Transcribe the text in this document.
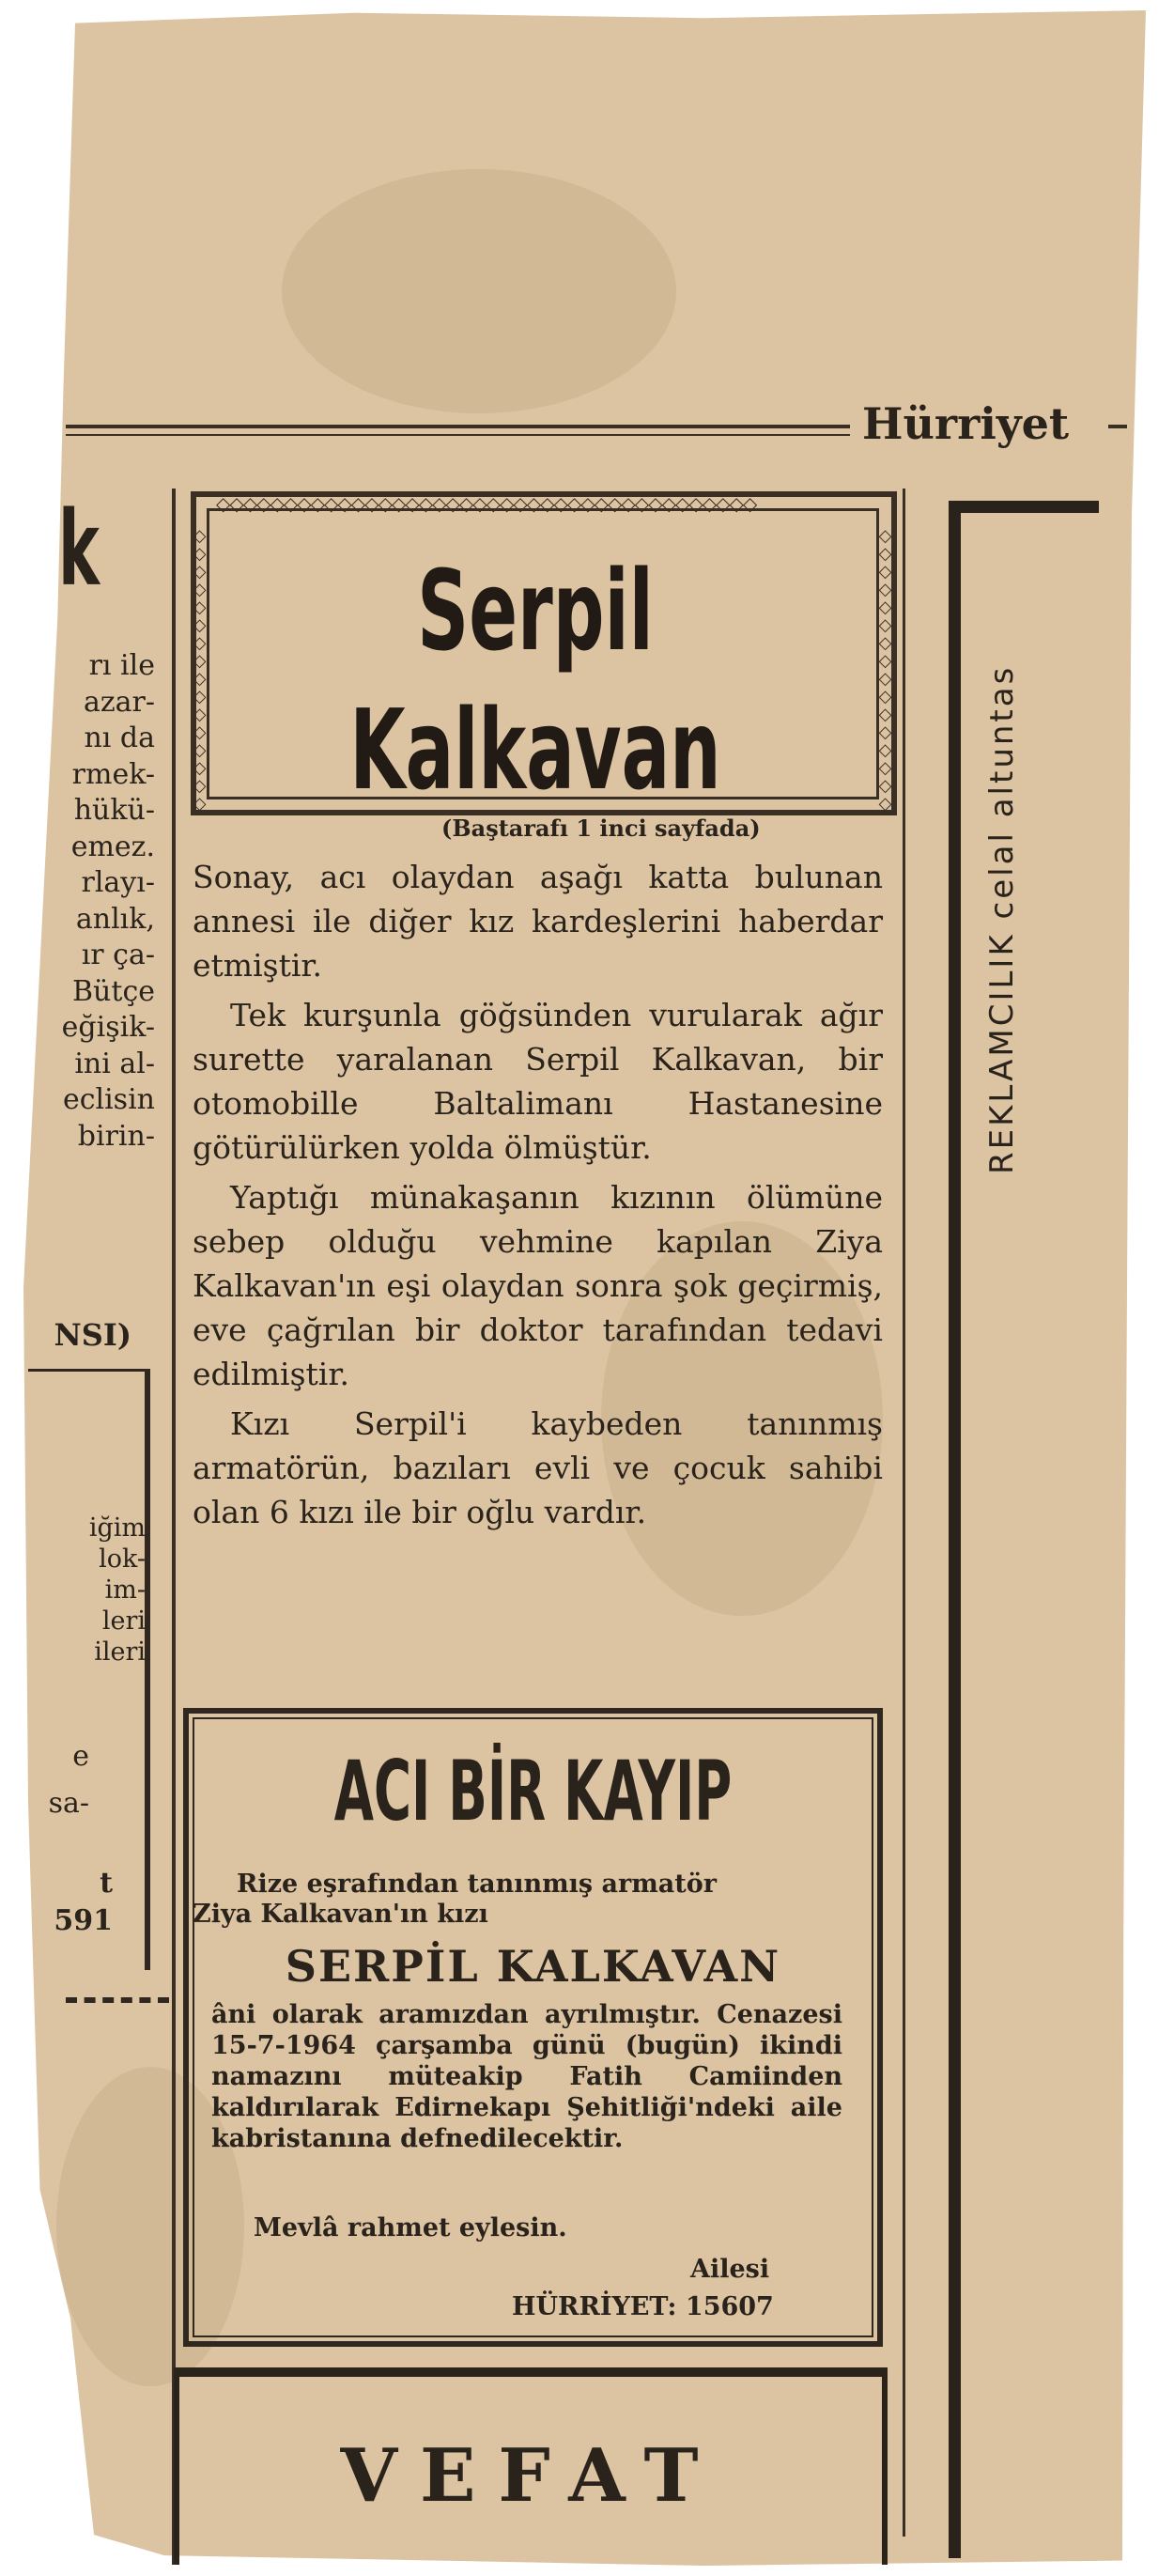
Hürriyet
k
rı ile
azar-
nı da
rmek-
hükü-
emez.
rlayı-
anlık,
ır ça-
Bütçe
eğişik-
ini al-
eclisin
birin-
NSI)
iğim
lok-
im-
leri
ileri
e
sa-
t
591
◇◇◇◇◇◇◇◇◇◇◇◇◇◇◇◇◇◇◇◇◇◇◇◇◇◇◇◇◇◇◇◇◇◇◇◇◇◇◇◇
◇◇◇◇◇◇◇◇◇◇◇◇◇◇◇◇	◇◇◇◇◇◇◇◇◇◇◇◇◇◇◇◇
Serpil
Kalkavan
(Baştarafı 1 inci sayfada)

Sonay, acı olaydan aşağı katta bulunan annesi ile diğer kız kardeşlerini haberdar etmiştir.

Tek kurşunla göğsünden vurularak ağır surette yaralanan Serpil Kalkavan, bir otomobille Baltalimanı Hastanesine götürülürken yolda ölmüştür.

Yaptığı münakaşanın kızının ölümüne sebep olduğu vehmine kapılan Ziya Kalkavan'ın eşi olaydan sonra şok geçirmiş, eve çağrılan bir doktor tarafından tedavi edilmiştir.

Kızı Serpil'i kaybeden tanınmış armatörün, bazıları evli ve çocuk sahibi olan 6 kızı ile bir oğlu vardır.

ACI BİR KAYIP
Rize eşrafından tanınmış armatör
Ziya Kalkavan'ın kızı
SERPİL KALKAVAN
âni olarak aramızdan ayrılmıştır. Cenazesi 15-7-1964 çarşamba günü (bugün) ikindi namazını müteakip Fatih Camiinden kaldırılarak Edirnekapı Şehitliği'ndeki aile kabristanına defnedilecektir.
Mevlâ rahmet eylesin.
Ailesi
HÜRRİYET: 15607
REKLAMCILIK celal altuntas
VEFAT
